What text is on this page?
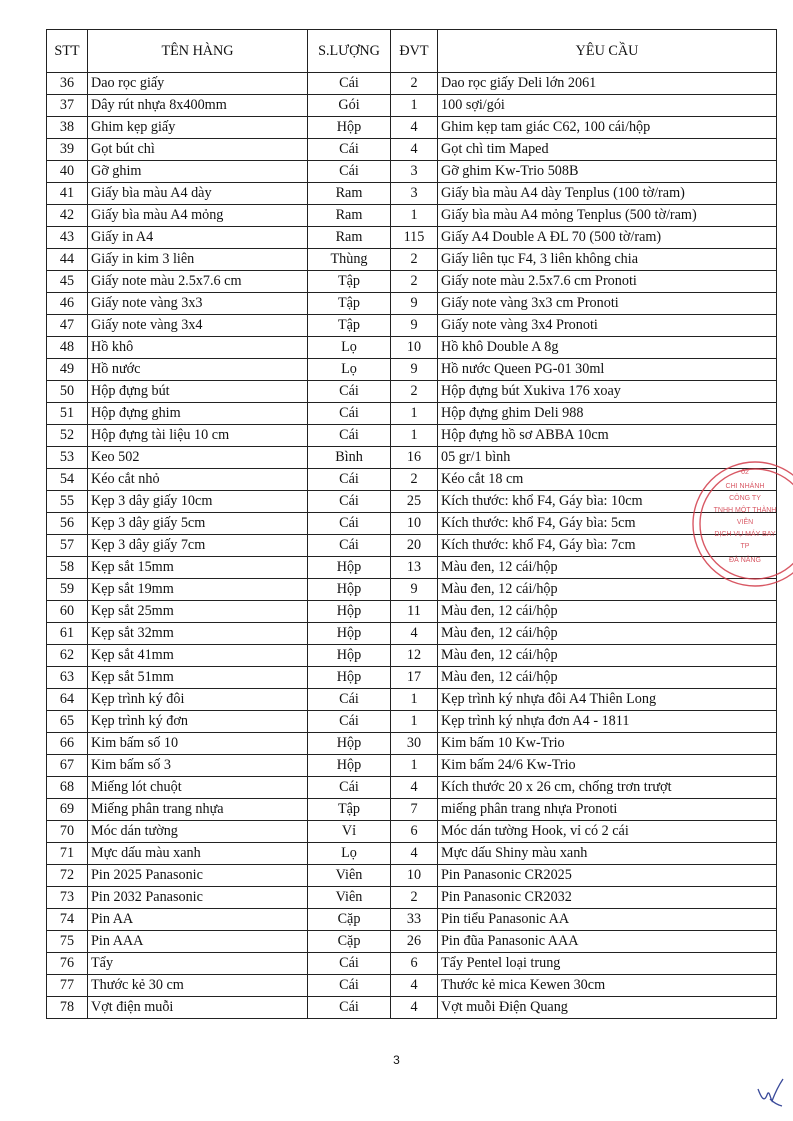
STT	TÊN HÀNG	S.LƯỢNG	ĐVT	YÊU CẦU
36	Dao rọc giấy	Cái	2	Dao rọc giấy Deli lớn 2061
37	Dây rút nhựa 8x400mm	Gói	1	100 sợi/gói
38	Ghim kẹp giấy	Hộp	4	Ghim kẹp tam giác C62, 100 cái/hộp
39	Gọt bút chì	Cái	4	Gọt chì tim Maped
40	Gỡ ghim	Cái	3	Gỡ ghim Kw-Trio 508B
41	Giấy bìa màu A4 dày	Ram	3	Giấy bìa màu A4 dày Tenplus (100 tờ/ram)
42	Giấy bìa màu A4 mỏng	Ram	1	Giấy bìa màu A4 mỏng Tenplus (500 tờ/ram)
43	Giấy in A4	Ram	115	Giấy A4 Double A ĐL 70 (500 tờ/ram)
44	Giấy in kim 3 liên	Thùng	2	Giấy liên tục F4, 3 liên không chia
45	Giấy note màu 2.5x7.6 cm	Tập	2	Giấy note màu 2.5x7.6 cm Pronoti
46	Giấy note vàng 3x3	Tập	9	Giấy note vàng 3x3 cm Pronoti
47	Giấy note vàng 3x4	Tập	9	Giấy note vàng 3x4 Pronoti
48	Hồ khô	Lọ	10	Hồ khô Double A 8g
49	Hồ nước	Lọ	9	Hồ nước Queen PG-01 30ml
50	Hộp đựng bút	Cái	2	Hộp đựng bút Xukiva 176 xoay
51	Hộp đựng ghim	Cái	1	Hộp đựng ghim Deli 988
52	Hộp đựng tài liệu 10 cm	Cái	1	Hộp đựng hồ sơ ABBA 10cm
53	Keo 502	Bình	16	05 gr/1 bình
54	Kéo cắt nhỏ	Cái	2	Kéo cắt 18 cm
55	Kẹp 3 dây giấy 10cm	Cái	25	Kích thước: khổ F4, Gáy bìa: 10cm
56	Kẹp 3 dây giấy 5cm	Cái	10	Kích thước: khổ F4, Gáy bìa: 5cm
57	Kẹp 3 dây giấy 7cm	Cái	20	Kích thước: khổ F4, Gáy bìa: 7cm
58	Kẹp sắt 15mm	Hộp	13	Màu đen, 12 cái/hộp
59	Kẹp sắt 19mm	Hộp	9	Màu đen, 12 cái/hộp
60	Kẹp sắt 25mm	Hộp	11	Màu đen, 12 cái/hộp
61	Kẹp sắt 32mm	Hộp	4	Màu đen, 12 cái/hộp
62	Kẹp sắt 41mm	Hộp	12	Màu đen, 12 cái/hộp
63	Kẹp sắt 51mm	Hộp	17	Màu đen, 12 cái/hộp
64	Kẹp trình ký đôi	Cái	1	Kẹp trình ký nhựa đôi A4 Thiên Long
65	Kẹp trình ký đơn	Cái	1	Kẹp trình ký nhựa đơn A4 - 1811
66	Kim bấm số 10	Hộp	30	Kim bấm 10 Kw-Trio
67	Kim bấm số 3	Hộp	1	Kim bấm 24/6 Kw-Trio
68	Miếng lót chuột	Cái	4	Kích thước 20 x 26 cm, chống trơn trượt
69	Miếng phân trang nhựa	Tập	7	miếng phân trang nhựa Pronoti
70	Móc dán tường	Vỉ	6	Móc dán tường Hook, vỉ có 2 cái
71	Mực dấu màu xanh	Lọ	4	Mực dấu Shiny màu xanh
72	Pin 2025 Panasonic	Viên	10	Pin Panasonic CR2025
73	Pin 2032 Panasonic	Viên	2	Pin Panasonic CR2032
74	Pin AA	Cặp	33	Pin tiểu Panasonic AA
75	Pin AAA	Cặp	26	Pin đũa Panasonic AAA
76	Tẩy	Cái	6	Tẩy Pentel loại trung
77	Thước kẻ 30 cm	Cái	4	Thước kẻ mica Kewen 30cm
78	Vợt điện muỗi	Cái	4	Vợt muỗi Điện Quang
02
CHI NHÁNH
CÔNG TY
TNHH MỘT THÀNH
VIÊN
DỊCH VỤ MÁY BAY
TP
ĐÀ NẴNG
3
